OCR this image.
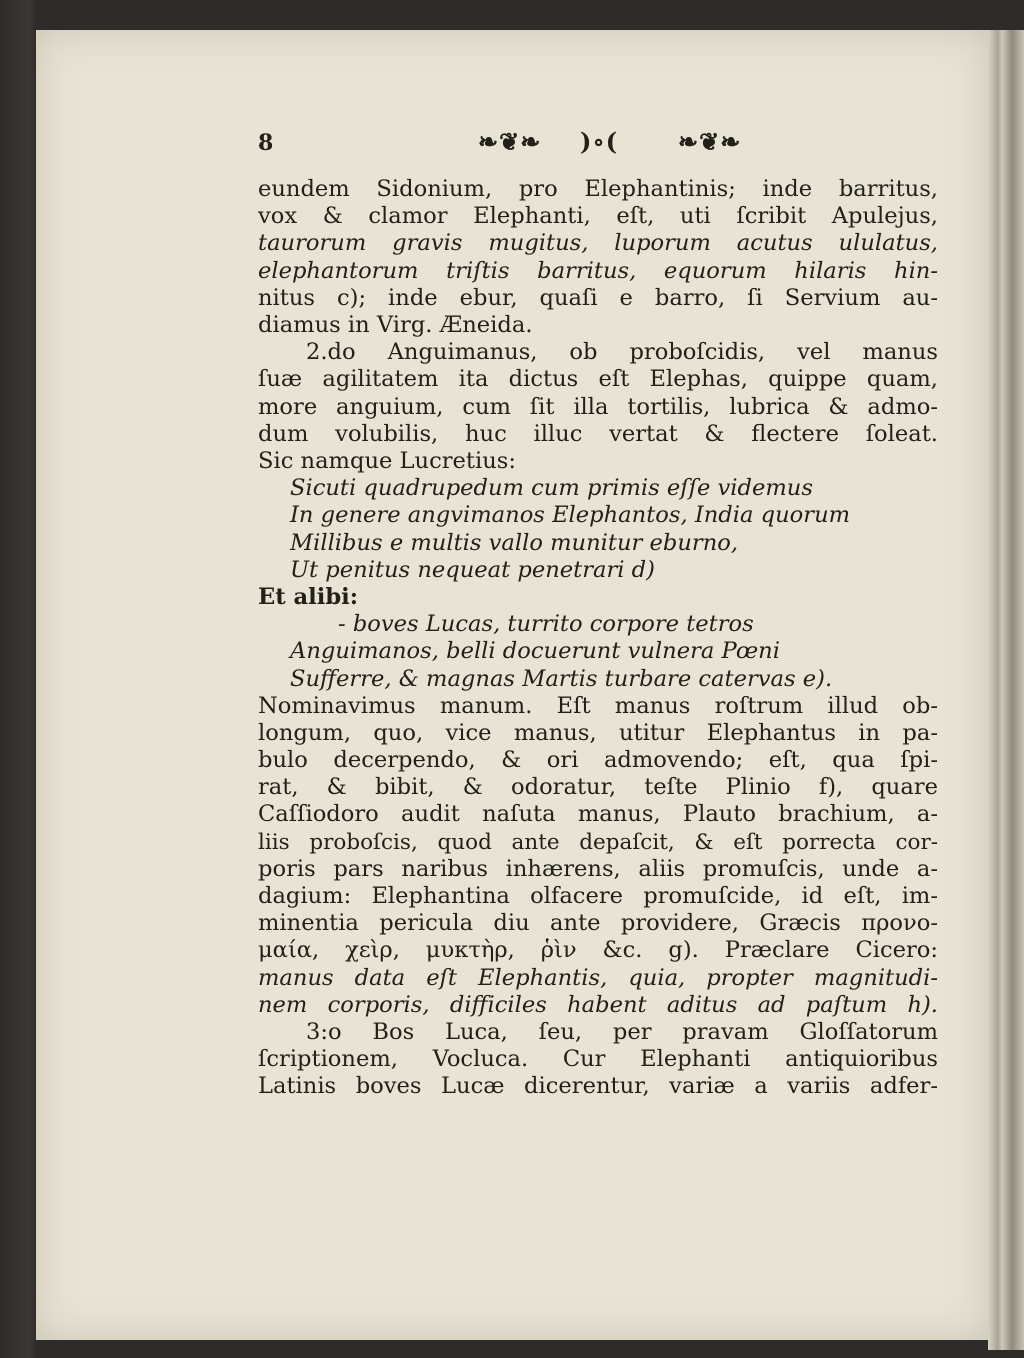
8	❧❦❧ )∘( ❧❦❧
eundem Sidonium, pro Elephantinis; inde barritus,
vox & clamor Elephanti, eſt, uti ſcribit Apulejus,
taurorum gravis mugitus, luporum acutus ululatus,
elephantorum triſtis barritus, equorum hilaris hin-
nitus c); inde ebur, quaſi e barro, ſi Servium au-
diamus in Virg. Æneida.
2.do Anguimanus, ob proboſcidis, vel manus
ſuæ agilitatem ita dictus eſt Elephas, quippe quam,
more anguium, cum ſit illa tortilis, lubrica & admo-
dum volubilis, huc illuc vertat & flectere ſoleat.
Sic namque Lucretius:
Sicuti quadrupedum cum primis eſſe videmus
In genere angvimanos Elephantos, India quorum
Millibus e multis vallo munitur eburno,
Ut penitus nequeat penetrari d)
Et alibi:
- boves Lucas, turrito corpore tetros
Anguimanos, belli docuerunt vulnera Pœni
Sufferre, & magnas Martis turbare catervas e).
Nominavimus manum. Eſt manus roſtrum illud ob-
longum, quo, vice manus, utitur Elephantus in pa-
bulo decerpendo, & ori admovendo; eſt, qua ſpi-
rat, & bibit, & odoratur, teſte Plinio f), quare
Caſſiodoro audit naſuta manus, Plauto brachium, a-
liis proboſcis, quod ante depaſcit, & eſt porrecta cor-
poris pars naribus inhærens, aliis promuſcis, unde a-
dagium: Elephantina olfacere promuſcide, id eſt, im-
minentia pericula diu ante providere, Græcis προνο-
μαία, χεὶρ, μυκτὴρ, ῥὶν &c. g). Præclare Cicero:
manus data eſt Elephantis, quia, propter magnitudi-
nem corporis, difficiles habent aditus ad paſtum h).
3:o Bos Luca, ſeu, per pravam Gloſſatorum
ſcriptionem, Vocluca. Cur Elephanti antiquioribus
Latinis boves Lucæ dicerentur, variæ a variis adfer-
